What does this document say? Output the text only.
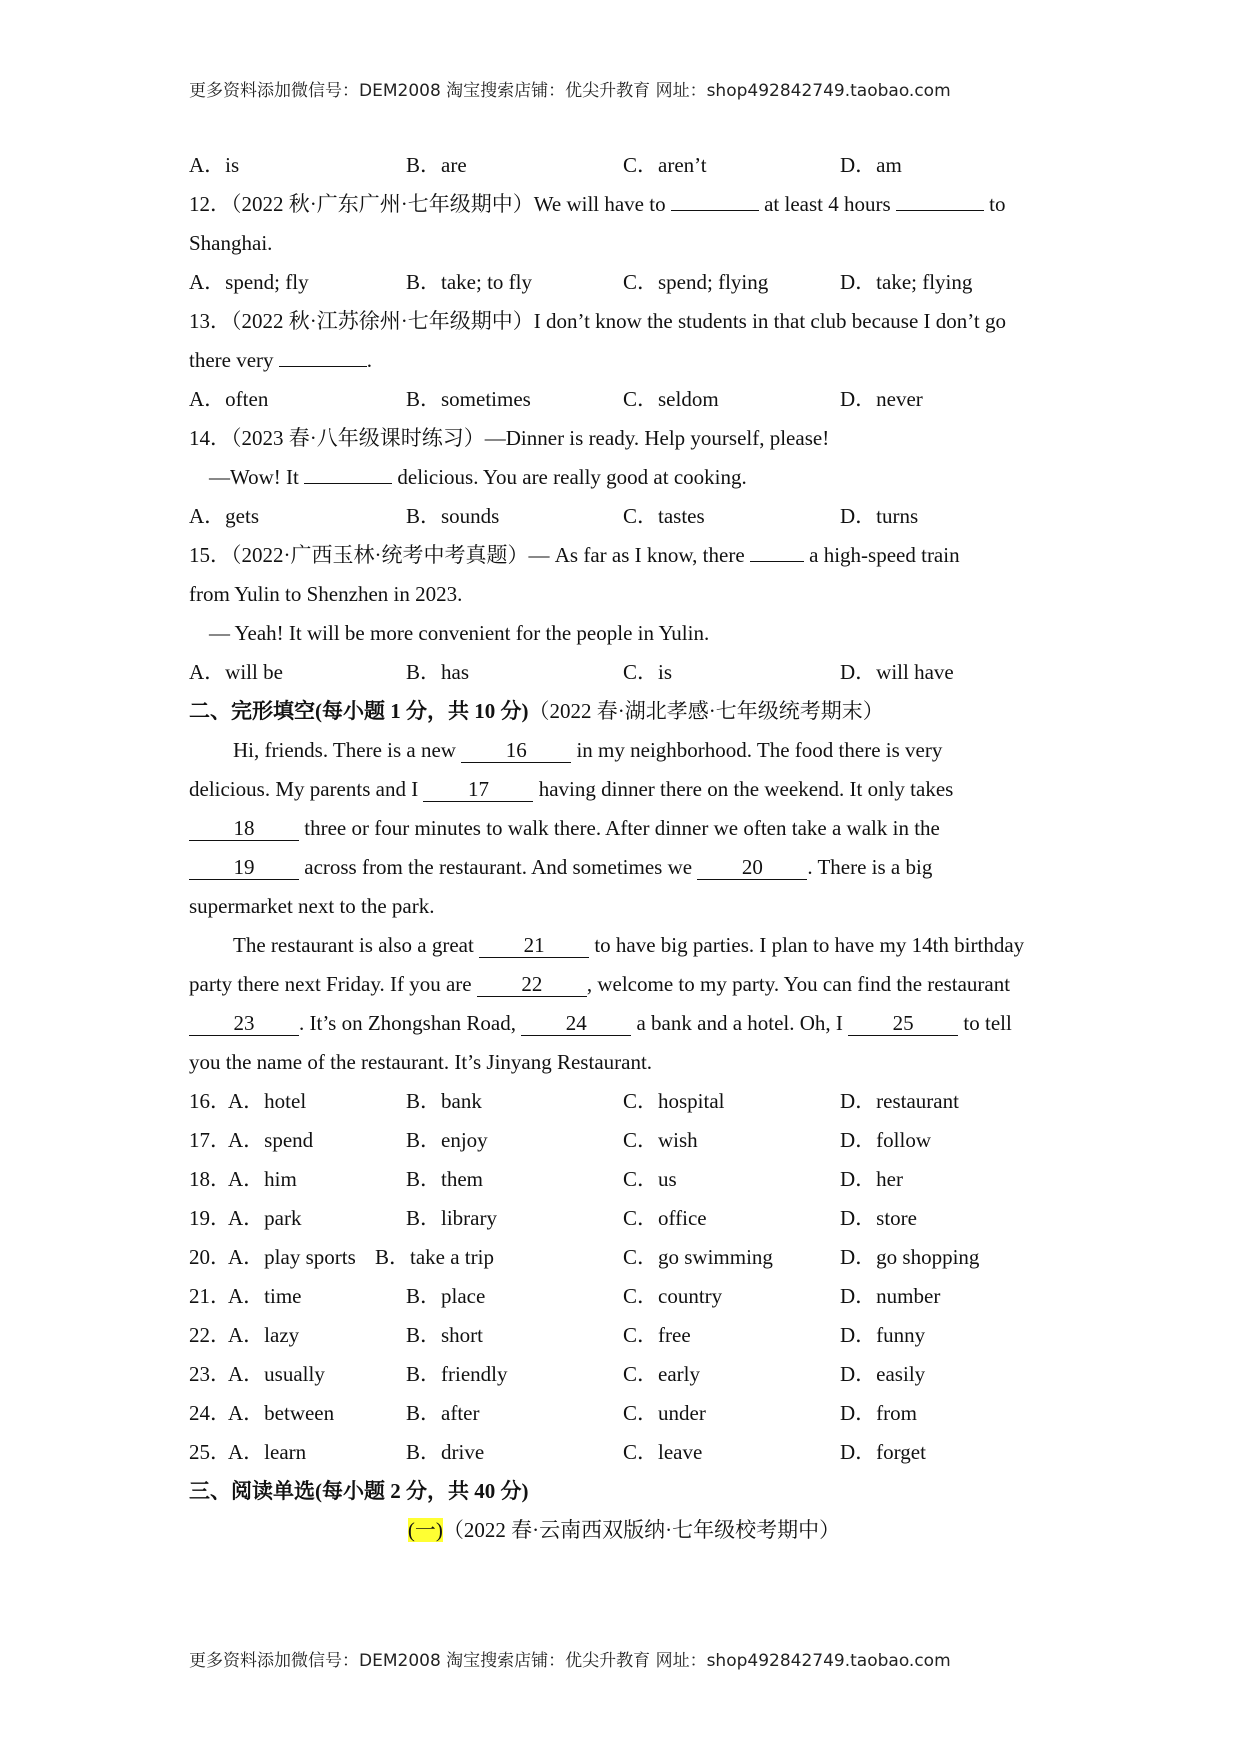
更多资料添加微信号：DEM2008 淘宝搜索店铺：优尖升教育 网址：shop492842749.taobao.com
A．is	B．are	C．aren’t	D．am
12．（2022 秋·广东广州·七年级期中）We will have to	at least 4 hours	to
Shanghai.
A．spend; fly	B．take; to fly	C．spend; flying	D．take; flying
13．（2022 秋·江苏徐州·七年级期中）I don’t know the students in that club because I don’t go
there very	.
A．often	B．sometimes	C．seldom	D．never
14．（2023 春·八年级课时练习）—Dinner is ready. Help yourself, please!
—Wow! It	delicious. You are really good at cooking.
A．gets	B．sounds	C．tastes	D．turns
15．（2022·广西玉林·统考中考真题）— As far as I know, there	a high-speed train
from Yulin to Shenzhen in 2023.
— Yeah! It will be more convenient for the people in Yulin.
A．will be	B．has	C．is	D．will have
二、完形填空(每小题 1 分，共 10 分)（2022 春·湖北孝感·七年级统考期末）
Hi, friends. There is a new 16 in my neighborhood. The food there is very
delicious. My parents and I 17 having dinner there on the weekend. It only takes
18 three or four minutes to walk there. After dinner we often take a walk in the
19 across from the restaurant. And sometimes we 20 . There is a big
supermarket next to the park.
The restaurant is also a great 21 to have big parties. I plan to have my 14th birthday
party there next Friday. If you are 22 , welcome to my party. You can find the restaurant
23 . It’s on Zhongshan Road, 24 a bank and a hotel. Oh, I 25 to tell
you the name of the restaurant. It’s Jinyang Restaurant.
16．
A．hotel	B．bank	C．hospital	D．restaurant
17．
A．spend	B．enjoy	C．wish	D．follow
18．
A．him	B．them	C．us	D．her
19．
A．park	B．library	C．office	D．store
20．
A．play sports B．take a trip	C．go swimming	D．go shopping
21．
A．time	B．place	C．country	D．number
22．
A．lazy	B．short	C．free	D．funny
23．
A．usually	B．friendly	C．early	D．easily
24．
A．between	B．after	C．under	D．from
25．
A．learn	B．drive	C．leave	D．forget
三、阅读单选(每小题 2 分，共 40 分)
(一)（2022 春·云南西双版纳·七年级校考期中）
更多资料添加微信号：DEM2008 淘宝搜索店铺：优尖升教育 网址：shop492842749.taobao.com
